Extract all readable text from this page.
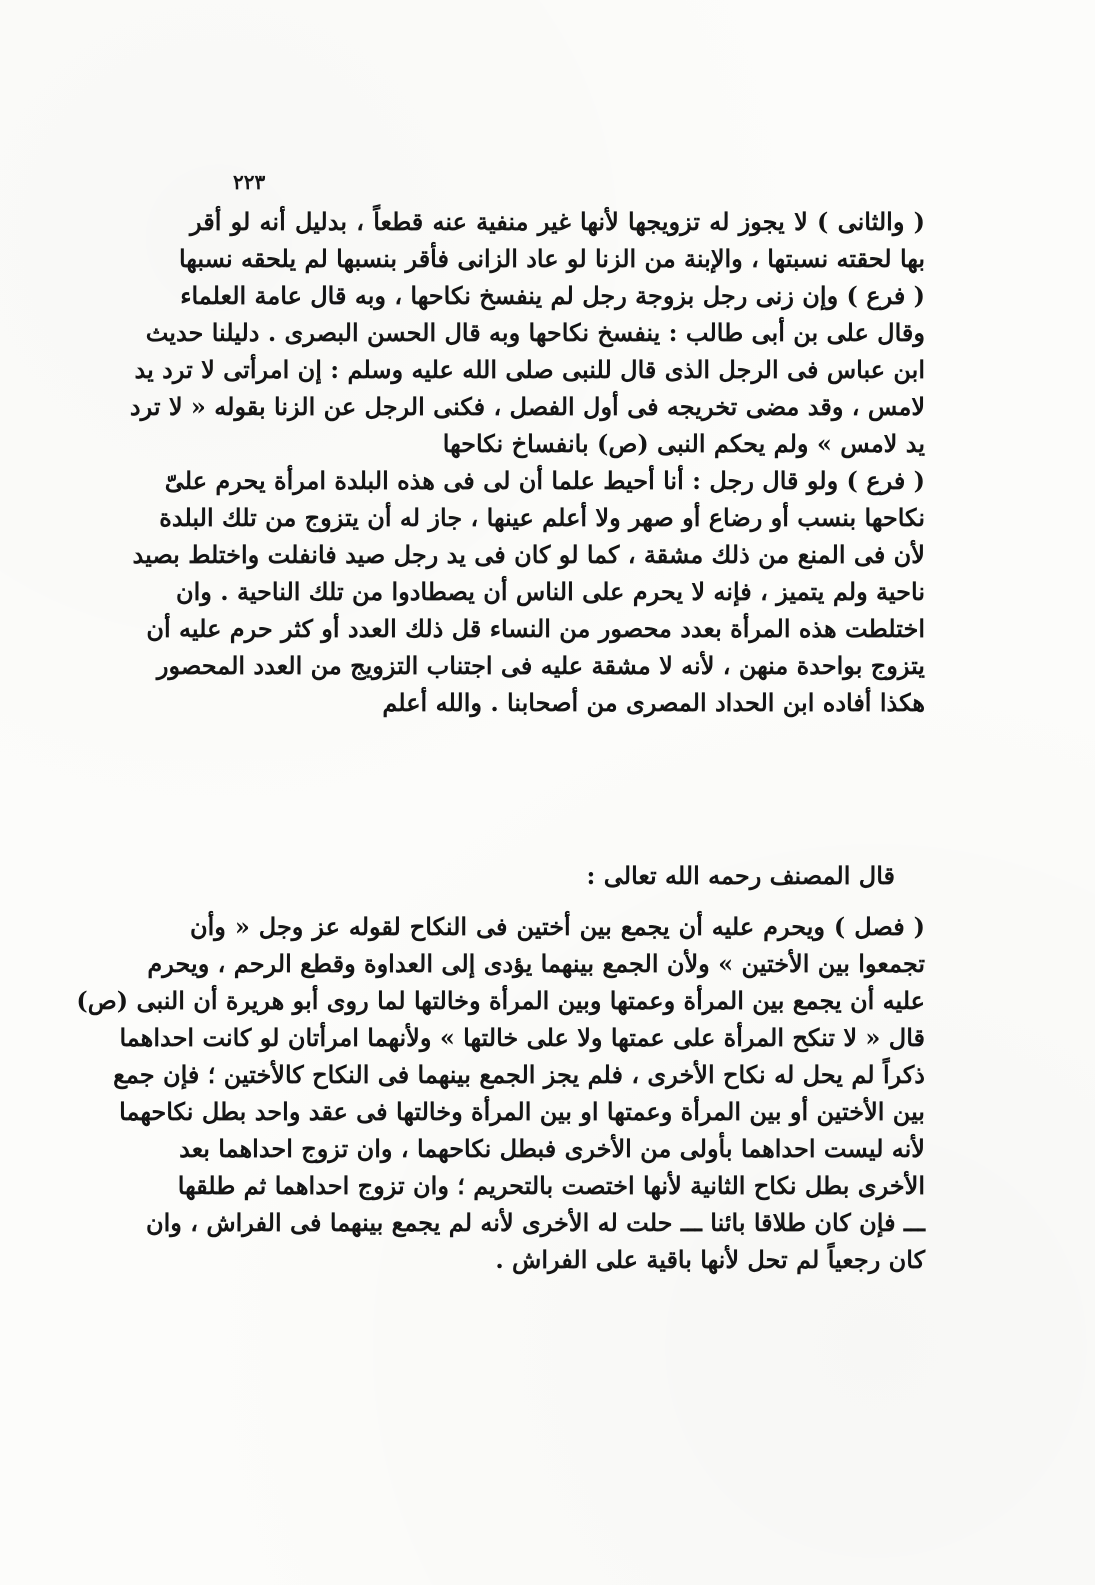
٢٢٣
( والثانى ) لا يجوز له تزويجها لأنها غير منفية عنه قطعاً ، بدليل أنه لو أقر
بها لحقته نسبتها ، والإبنة من الزنا لو عاد الزانى فأقر بنسبها لم يلحقه نسبها
( فرع ) وإن زنى رجل بزوجة رجل لم ينفسخ نكاحها ، وبه قال عامة العلماء
وقال على بن أبى طالب : ينفسخ نكاحها وبه قال الحسن البصرى . دليلنا حديث
ابن عباس فى الرجل الذى قال للنبى صلى الله عليه وسلم : إن امرأتى لا ترد يد
لامس ، وقد مضى تخريجه فى أول الفصل ، فكنى الرجل عن الزنا بقوله « لا ترد
يد لامس » ولم يحكم النبى (ص) بانفساخ نكاحها
( فرع ) ولو قال رجل : أنا أحيط علما أن لى فى هذه البلدة امرأة يحرم علىّ
نكاحها بنسب أو رضاع أو صهر ولا أعلم عينها ، جاز له أن يتزوج من تلك البلدة
لأن فى المنع من ذلك مشقة ، كما لو كان فى يد رجل صيد فانفلت واختلط بصيد
ناحية ولم يتميز ، فإنه لا يحرم على الناس أن يصطادوا من تلك الناحية . وان
اختلطت هذه المرأة بعدد محصور من النساء قل ذلك العدد أو كثر حرم عليه أن
يتزوج بواحدة منهن ، لأنه لا مشقة عليه فى اجتناب التزويج من العدد المحصور
هكذا أفاده ابن الحداد المصرى من أصحابنا . والله أعلم
قال المصنف رحمه الله تعالى :
( فصل ) ويحرم عليه أن يجمع بين أختين فى النكاح لقوله عز وجل « وأن
تجمعوا بين الأختين » ولأن الجمع بينهما يؤدى إلى العداوة وقطع الرحم ، ويحرم
عليه أن يجمع بين المرأة وعمتها وبين المرأة وخالتها لما روى أبو هريرة أن النبى (ص)
قال « لا تنكح المرأة على عمتها ولا على خالتها » ولأنهما امرأتان لو كانت احداهما
ذكراً لم يحل له نكاح الأخرى ، فلم يجز الجمع بينهما فى النكاح كالأختين ؛ فإن جمع
بين الأختين أو بين المرأة وعمتها او بين المرأة وخالتها فى عقد واحد بطل نكاحهما
لأنه ليست احداهما بأولى من الأخرى فبطل نكاحهما ، وان تزوج احداهما بعد
الأخرى بطل نكاح الثانية لأنها اختصت بالتحريم ؛ وان تزوج احداهما ثم طلقها
ـــ فإن كان طلاقا بائنا ـــ حلت له الأخرى لأنه لم يجمع بينهما فى الفراش ، وان
كان رجعياً لم تحل لأنها باقية على الفراش .
